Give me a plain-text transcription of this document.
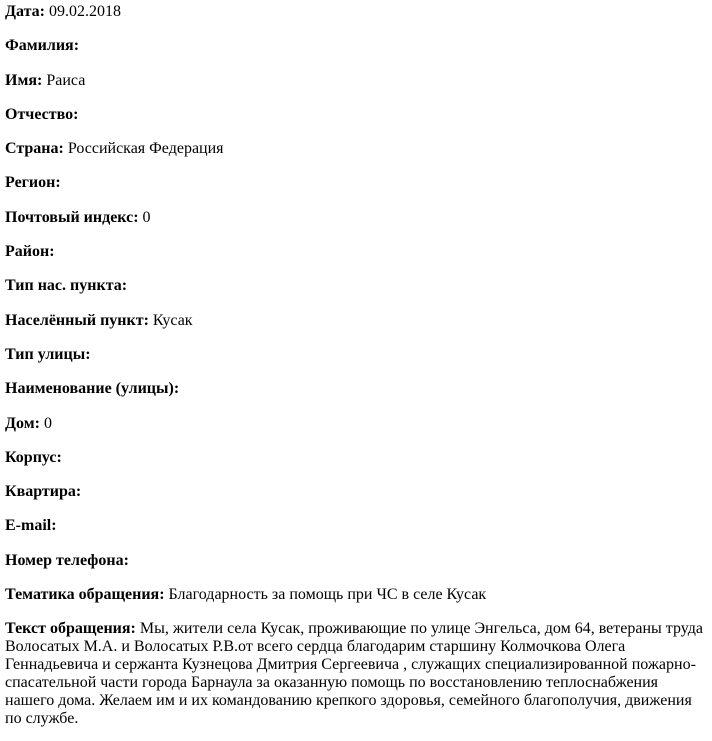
Дата: 09.02.2018
Фамилия:
Имя: Раиса
Отчество:
Страна: Российская Федерация
Регион:
Почтовый индекс: 0
Район:
Тип нас. пункта:
Населённый пункт: Кусак
Тип улицы:
Наименование (улицы):
Дом: 0
Корпус:
Квартира:
E-mail:
Номер телефона:
Тематика обращения: Благодарность за помощь при ЧС в селе Кусак
Текст обращения: Мы, жители села Кусак, проживающие по улице Энгельса, дом 64, ветераны труда Волосатых М.А. и Волосатых Р.В.от всего сердца благодарим старшину Колмочкова Олега Геннадьевича и сержанта Кузнецова Дмитрия Сергеевича , служащих специализированной пожарно-спасательной части города Барнаула за оказанную помощь по восстановлению теплоснабжения нашего дома. Желаем им и их командованию крепкого здоровья, семейного благополучия, движения по службе.
